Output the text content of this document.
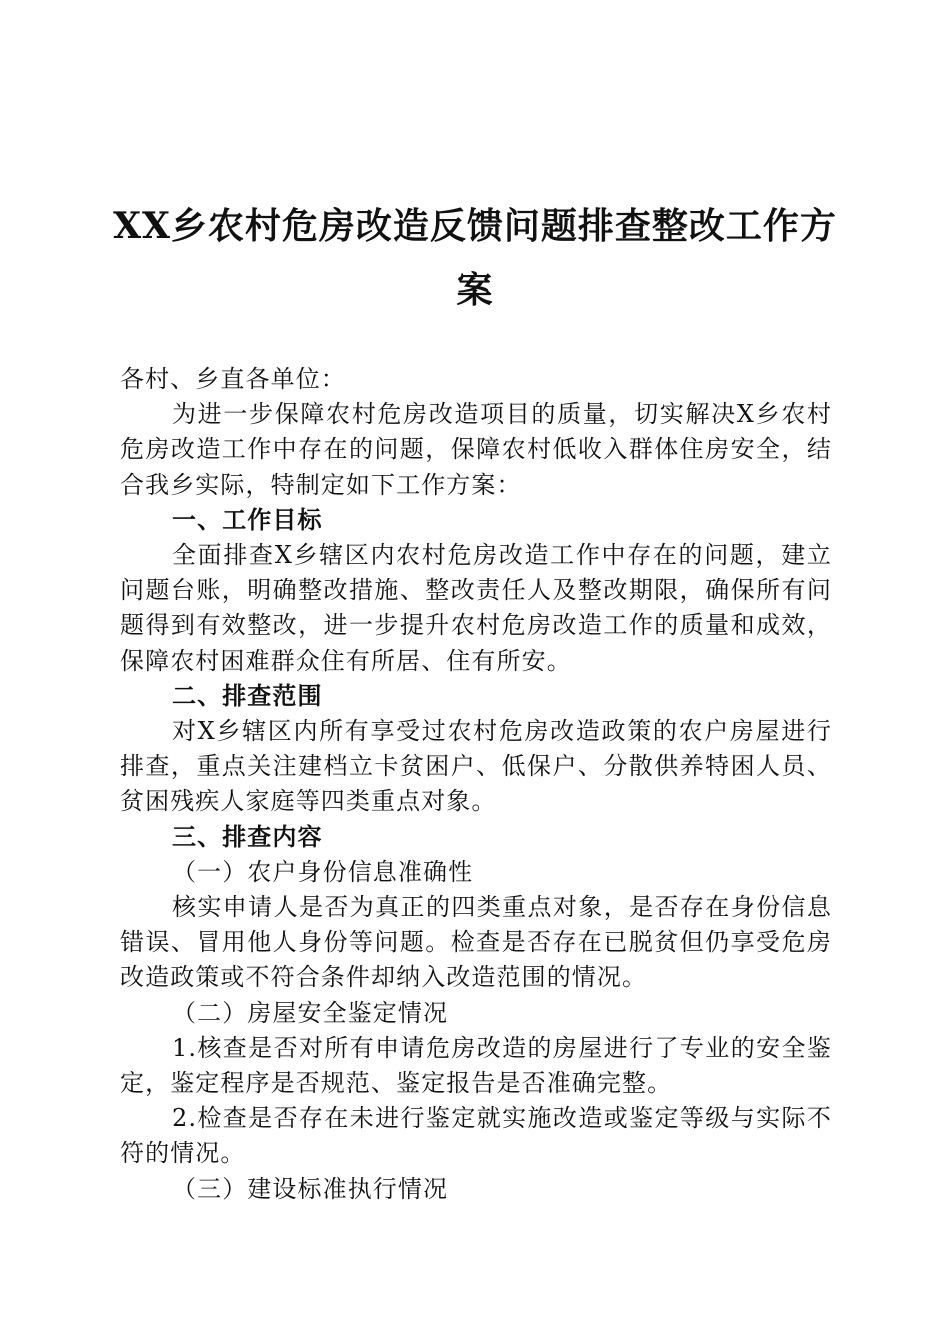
XX乡农村危房改造反馈问题排查整改工作方
案

各村、乡直各单位：

为进一步保障农村危房改造项目的质量，切实解决X乡农村危房改造工作中存在的问题，保障农村低收入群体住房安全，结合我乡实际，特制定如下工作方案：

一、工作目标

全面排查X乡辖区内农村危房改造工作中存在的问题，建立问题台账，明确整改措施、整改责任人及整改期限，确保所有问题得到有效整改，进一步提升农村危房改造工作的质量和成效，保障农村困难群众住有所居、住有所安。

二、排查范围

对X乡辖区内所有享受过农村危房改造政策的农户房屋进行排查，重点关注建档立卡贫困户、低保户、分散供养特困人员、贫困残疾人家庭等四类重点对象。

三、排查内容

（一）农户身份信息准确性

核实申请人是否为真正的四类重点对象，是否存在身份信息错误、冒用他人身份等问题。检查是否存在已脱贫但仍享受危房改造政策或不符合条件却纳入改造范围的情况。

（二）房屋安全鉴定情况

1.核查是否对所有申请危房改造的房屋进行了专业的安全鉴定，鉴定程序是否规范、鉴定报告是否准确完整。

2.检查是否存在未进行鉴定就实施改造或鉴定等级与实际不符的情况。

（三）建设标准执行情况
